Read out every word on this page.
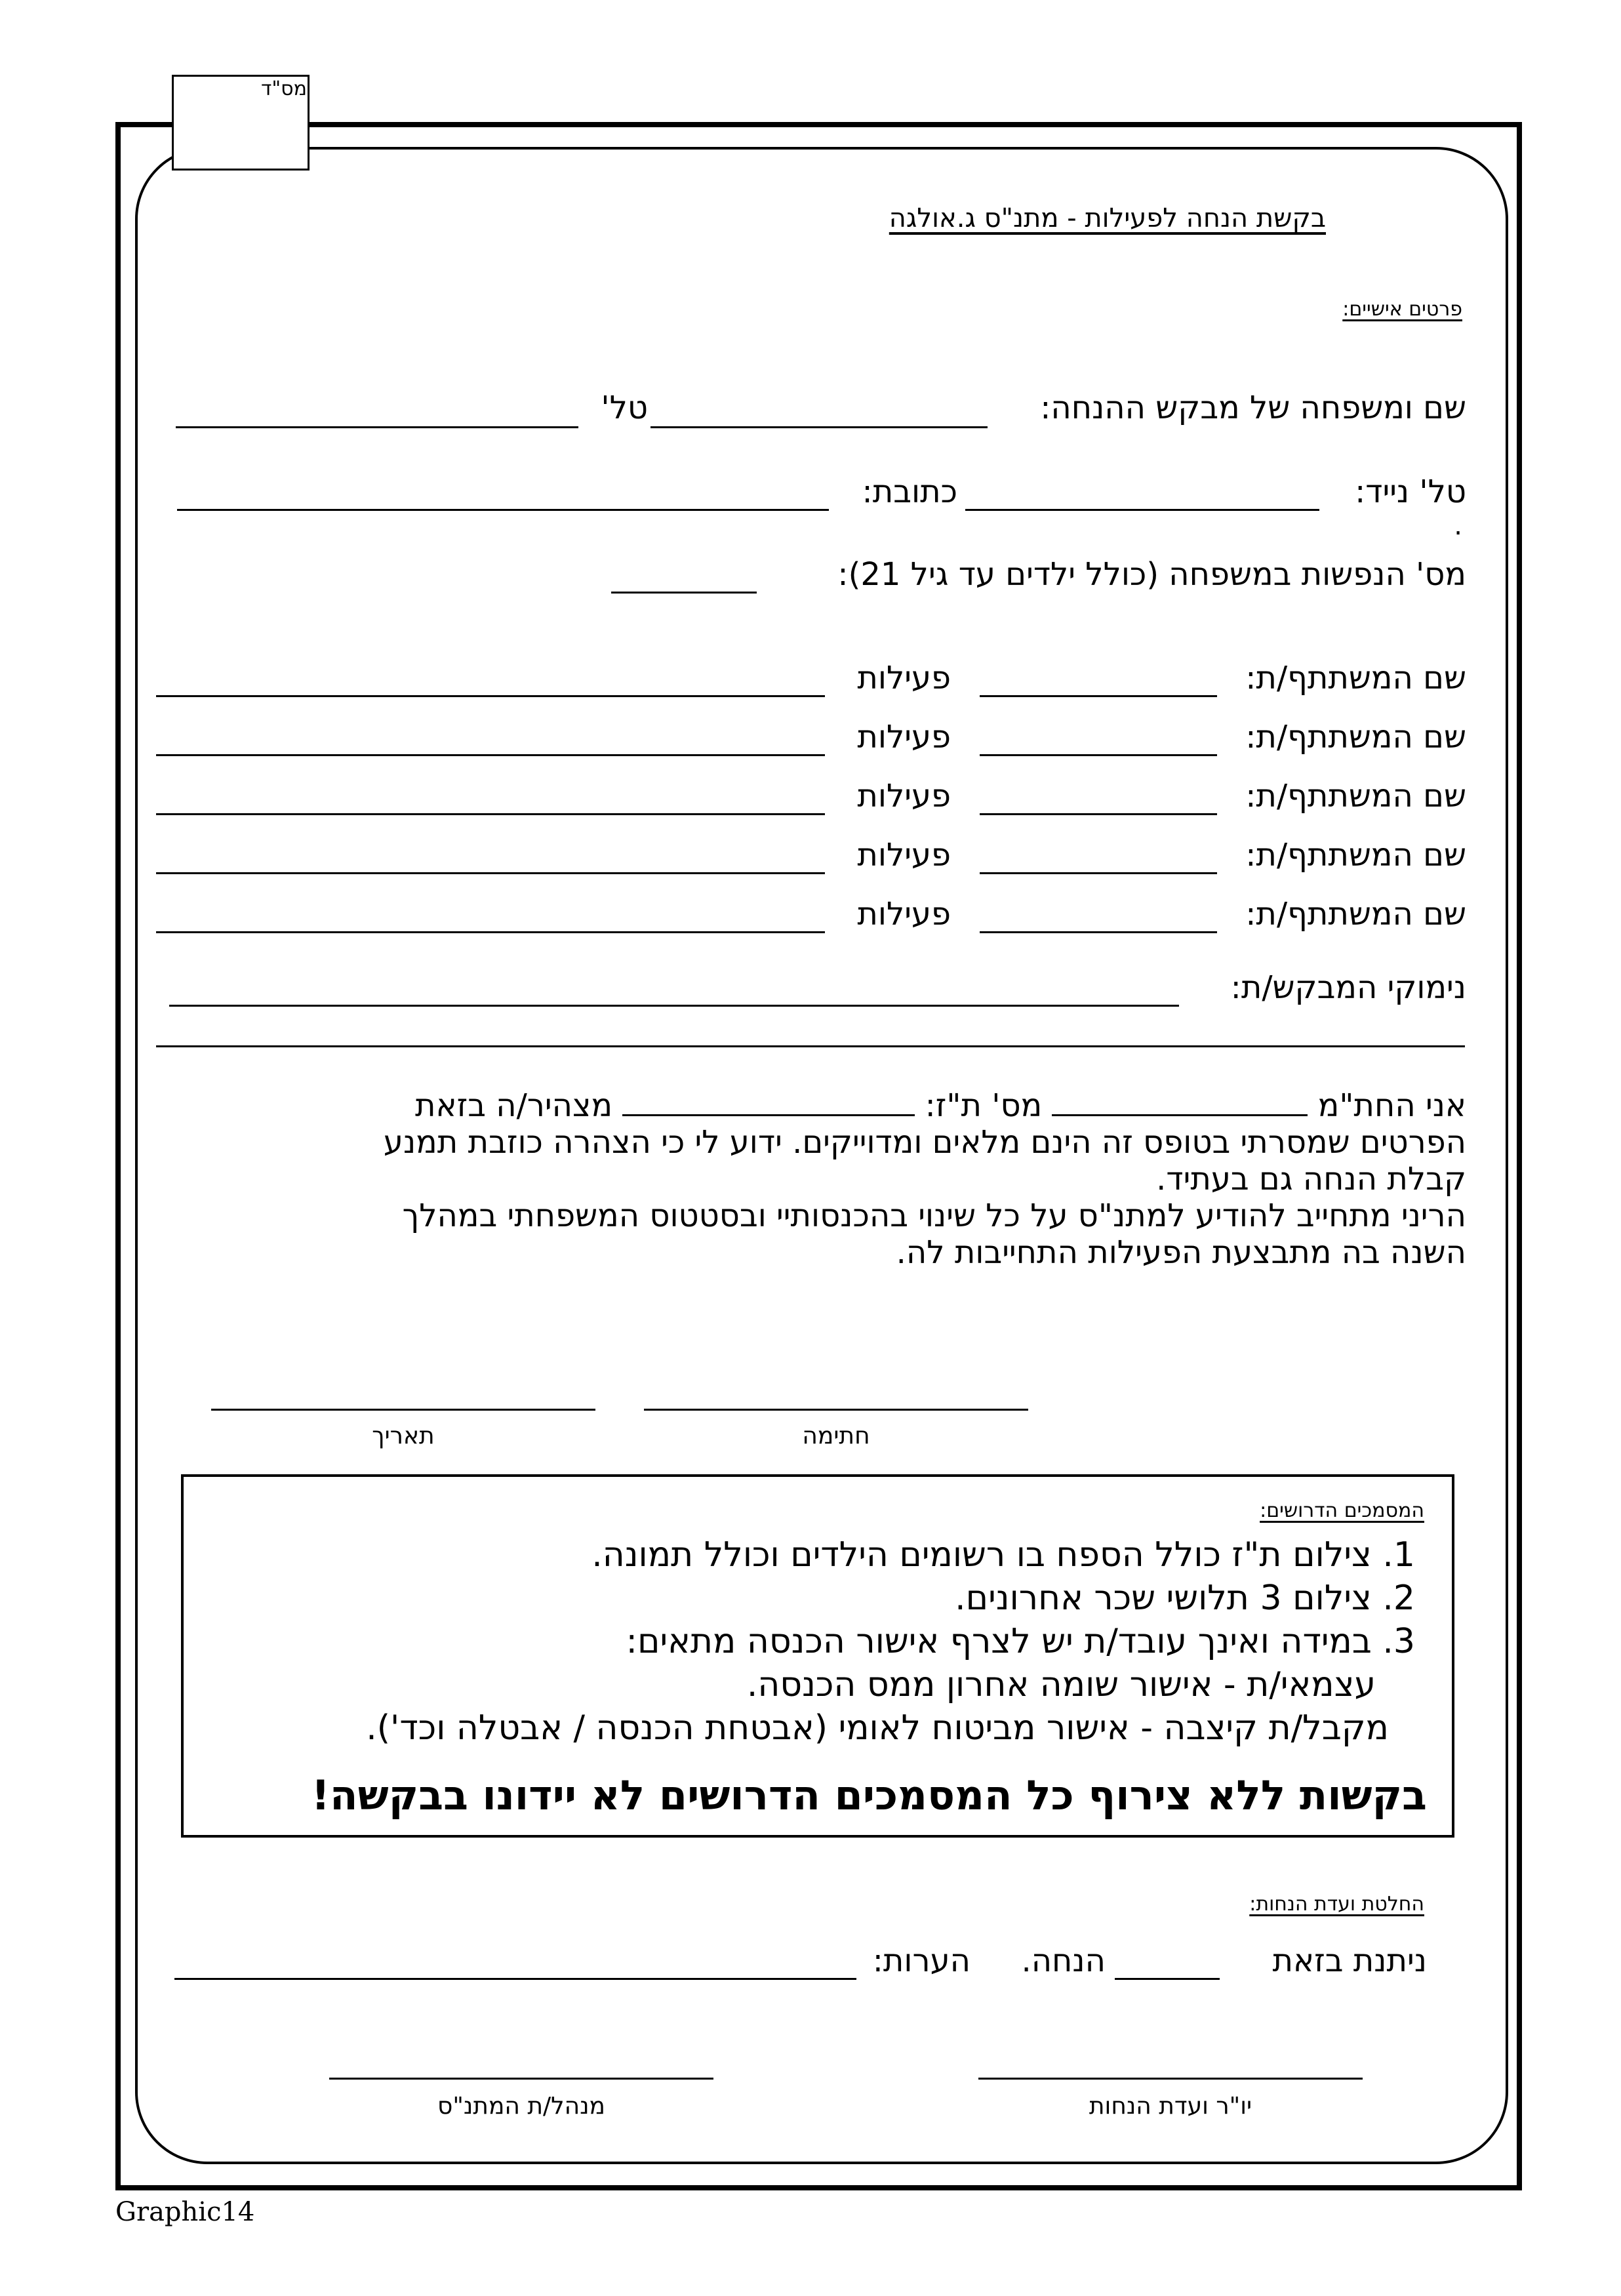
מס"ד
בקשת הנחה לפעילות - מתנ"ס ג.אולגה
פרטים אישיים:
שם ומשפחה של מבקש ההנחה:
טל'
טל' נייד:
כתובת:
.
מס' הנפשות במשפחה (כולל ילדים עד גיל 21):
שם המשתתף/ת:
פעילות
שם המשתתף/ת:
פעילות
שם המשתתף/ת:
פעילות
שם המשתתף/ת:
פעילות
שם המשתתף/ת:
פעילות
נימוקי המבקש/ת:

אני החת"מ  מס' ת"ז:  מצהיר/ה בזאת

הפרטים שמסרתי בטופס זה הינם מלאים ומדוייקים. ידוע לי כי הצהרה כוזבת תמנע

קבלת הנחה גם בעתיד.

הריני מתחייב להודיע למתנ"ס על כל שינוי בהכנסותיי ובסטטוס המשפחתי במהלך

השנה בה מתבצעת הפעילות התחייבות לה.

תאריך	חתימה
המסמכים הדרושים:
1. צילום ת"ז כולל הספח בו רשומים הילדים וכולל תמונה.
2. צילום 3 תלושי שכר אחרונים.
3. במידה ואינך עובד/ת יש לצרף אישור הכנסה מתאים:
עצמאי/ת - אישור שומה אחרון ממס הכנסה.
מקבל/ת קיצבה - אישור מביטוח לאומי (אבטחת הכנסה / אבטלה וכד').
בקשות ללא צירוף כל המסמכים הדרושים לא יידונו בבקשה!
החלטת ועדת הנחות:
ניתנת בזאת
הנחה.
הערות:
יו"ר ועדת הנחות
מנהל/ת המתנ"ס
Graphic14
